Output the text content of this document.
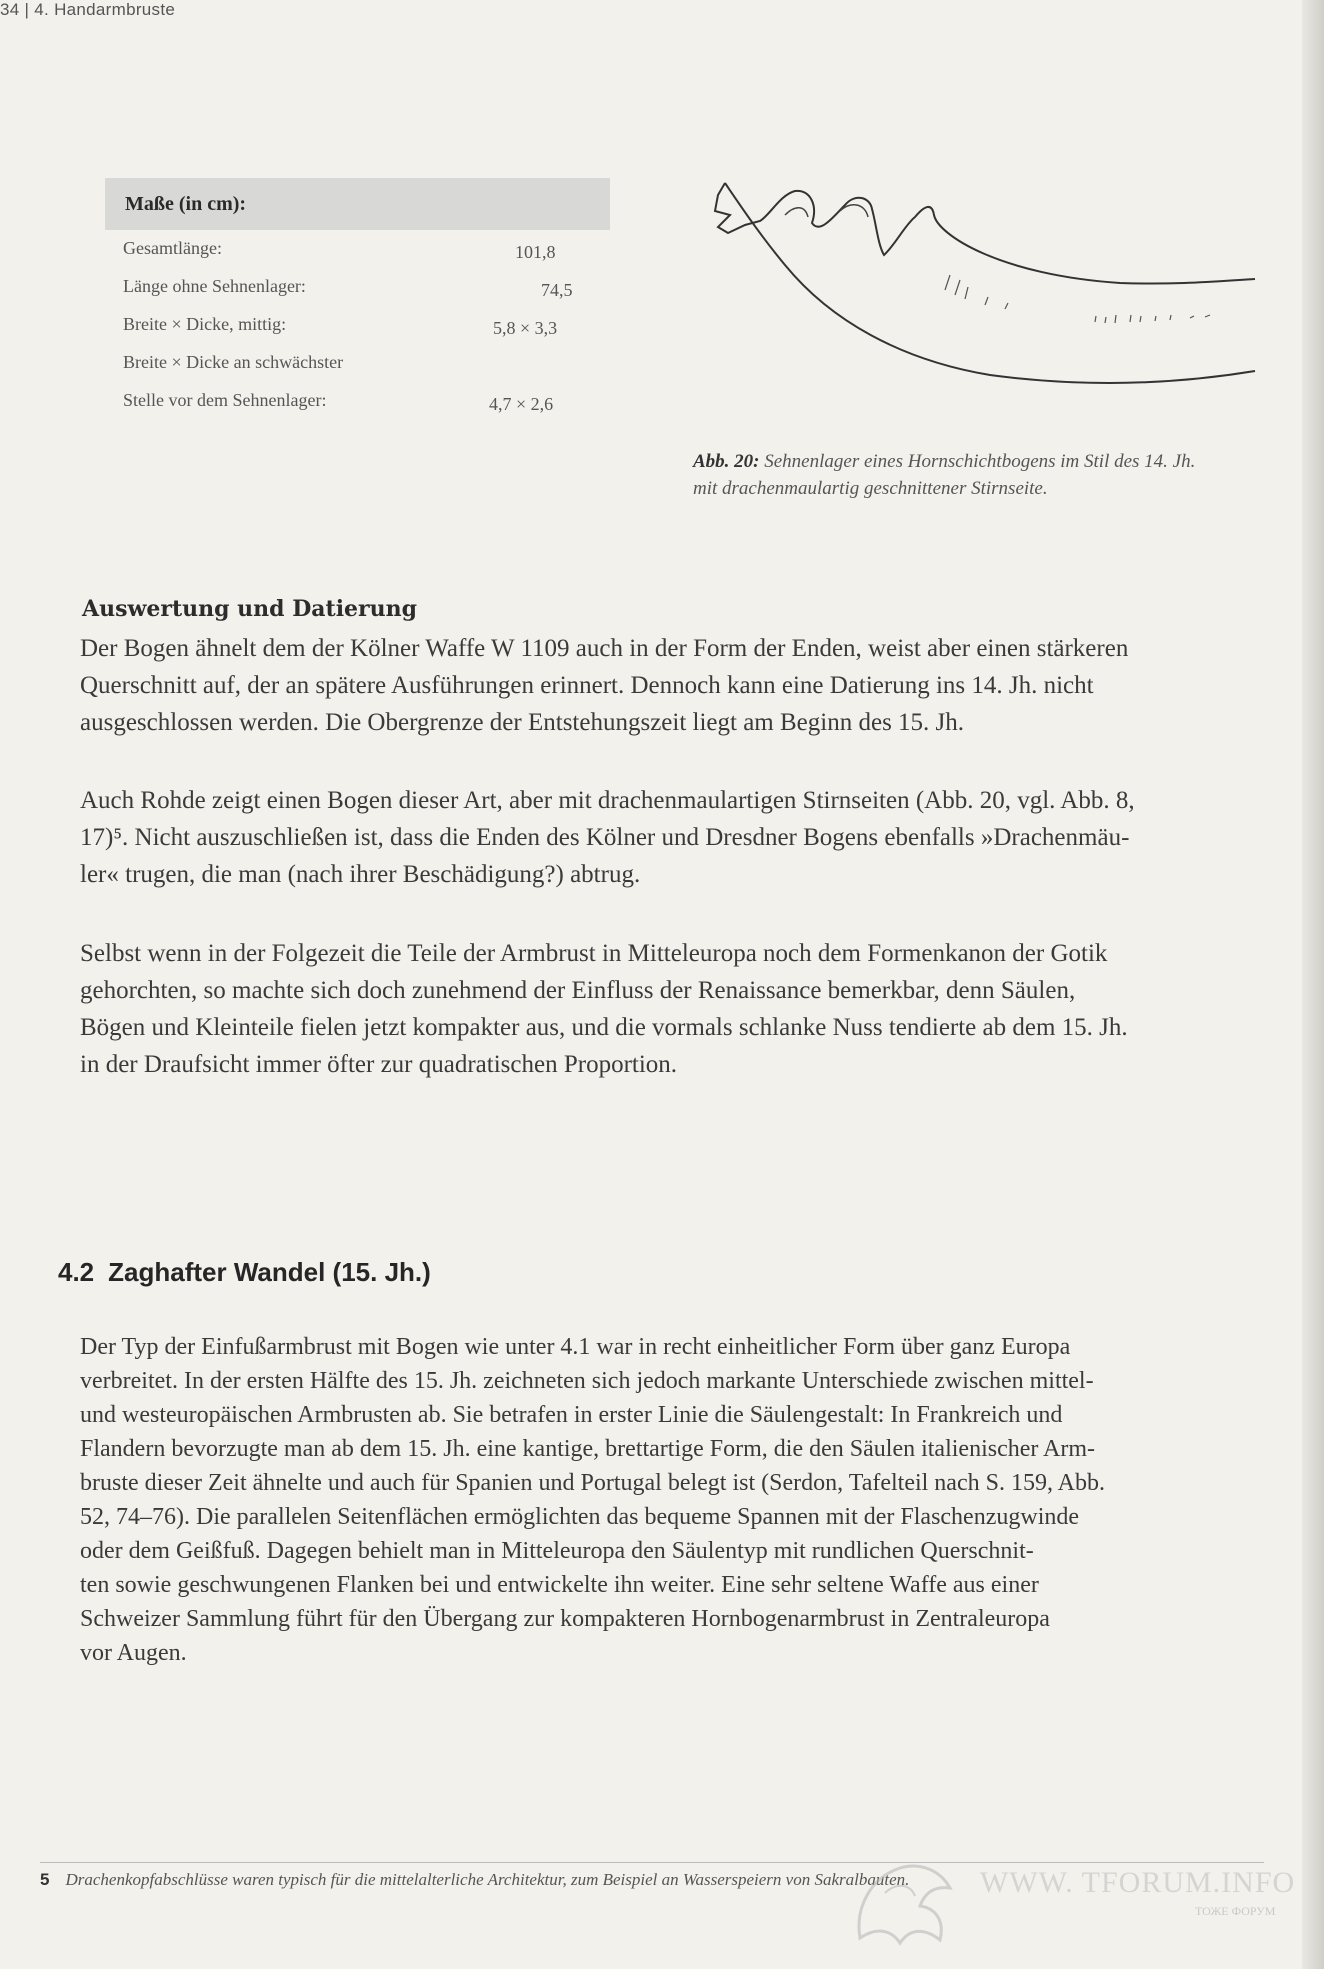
34 | 4. Handarmbruste
Maße (in cm):
Gesamtlänge:	101,8
Länge ohne Sehnenlager:	74,5
Breite × Dicke, mittig:	5,8 × 3,3
Breite × Dicke an schwächster
Stelle vor dem Sehnenlager:	4,7 × 2,6
Abb. 20: Sehnenlager eines Hornschichtbogens im Stil des 14. Jh.
mit drachenmaulartig geschnittener Stirnseite.
Auswertung und Datierung

Der Bogen ähnelt dem der Kölner Waffe W 1109 auch in der Form der Enden, weist aber einen stärkeren
Querschnitt auf, der an spätere Ausführungen erinnert. Dennoch kann eine Datierung ins 14. Jh. nicht
ausgeschlossen werden. Die Obergrenze der Entstehungszeit liegt am Beginn des 15. Jh.

Auch Rohde zeigt einen Bogen dieser Art, aber mit drachenmaulartigen Stirnseiten (Abb. 20, vgl. Abb. 8,
17)⁵. Nicht auszuschließen ist, dass die Enden des Kölner und Dresdner Bogens ebenfalls »Drachenmäu-
ler« trugen, die man (nach ihrer Beschädigung?) abtrug.

Selbst wenn in der Folgezeit die Teile der Armbrust in Mitteleuropa noch dem Formenkanon der Gotik
gehorchten, so machte sich doch zunehmend der Einfluss der Renaissance bemerkbar, denn Säulen,
Bögen und Kleinteile fielen jetzt kompakter aus, und die vormals schlanke Nuss tendierte ab dem 15. Jh.
in der Draufsicht immer öfter zur quadratischen Proportion.

4.2 Zaghafter Wandel (15. Jh.)

Der Typ der Einfußarmbrust mit Bogen wie unter 4.1 war in recht einheitlicher Form über ganz Europa
verbreitet. In der ersten Hälfte des 15. Jh. zeichneten sich jedoch markante Unterschiede zwischen mittel-
und westeuropäischen Armbrusten ab. Sie betrafen in erster Linie die Säulengestalt: In Frankreich und
Flandern bevorzugte man ab dem 15. Jh. eine kantige, brettartige Form, die den Säulen italienischer Arm-
bruste dieser Zeit ähnelte und auch für Spanien und Portugal belegt ist (Serdon, Tafelteil nach S. 159, Abb.
52, 74–76). Die parallelen Seitenflächen ermöglichten das bequeme Spannen mit der Flaschenzugwinde
oder dem Geißfuß. Dagegen behielt man in Mitteleuropa den Säulentyp mit rundlichen Querschnit-
ten sowie geschwungenen Flanken bei und entwickelte ihn weiter. Eine sehr seltene Waffe aus einer
Schweizer Sammlung führt für den Übergang zur kompakteren Hornbogenarmbrust in Zentraleuropa
vor Augen.

5 Drachenkopfabschlüsse waren typisch für die mittelalterliche Architektur, zum Beispiel an Wasserspeiern von Sakralbauten.	WWW. TFORUM.INFO
ТОЖЕ ФОРУМ
